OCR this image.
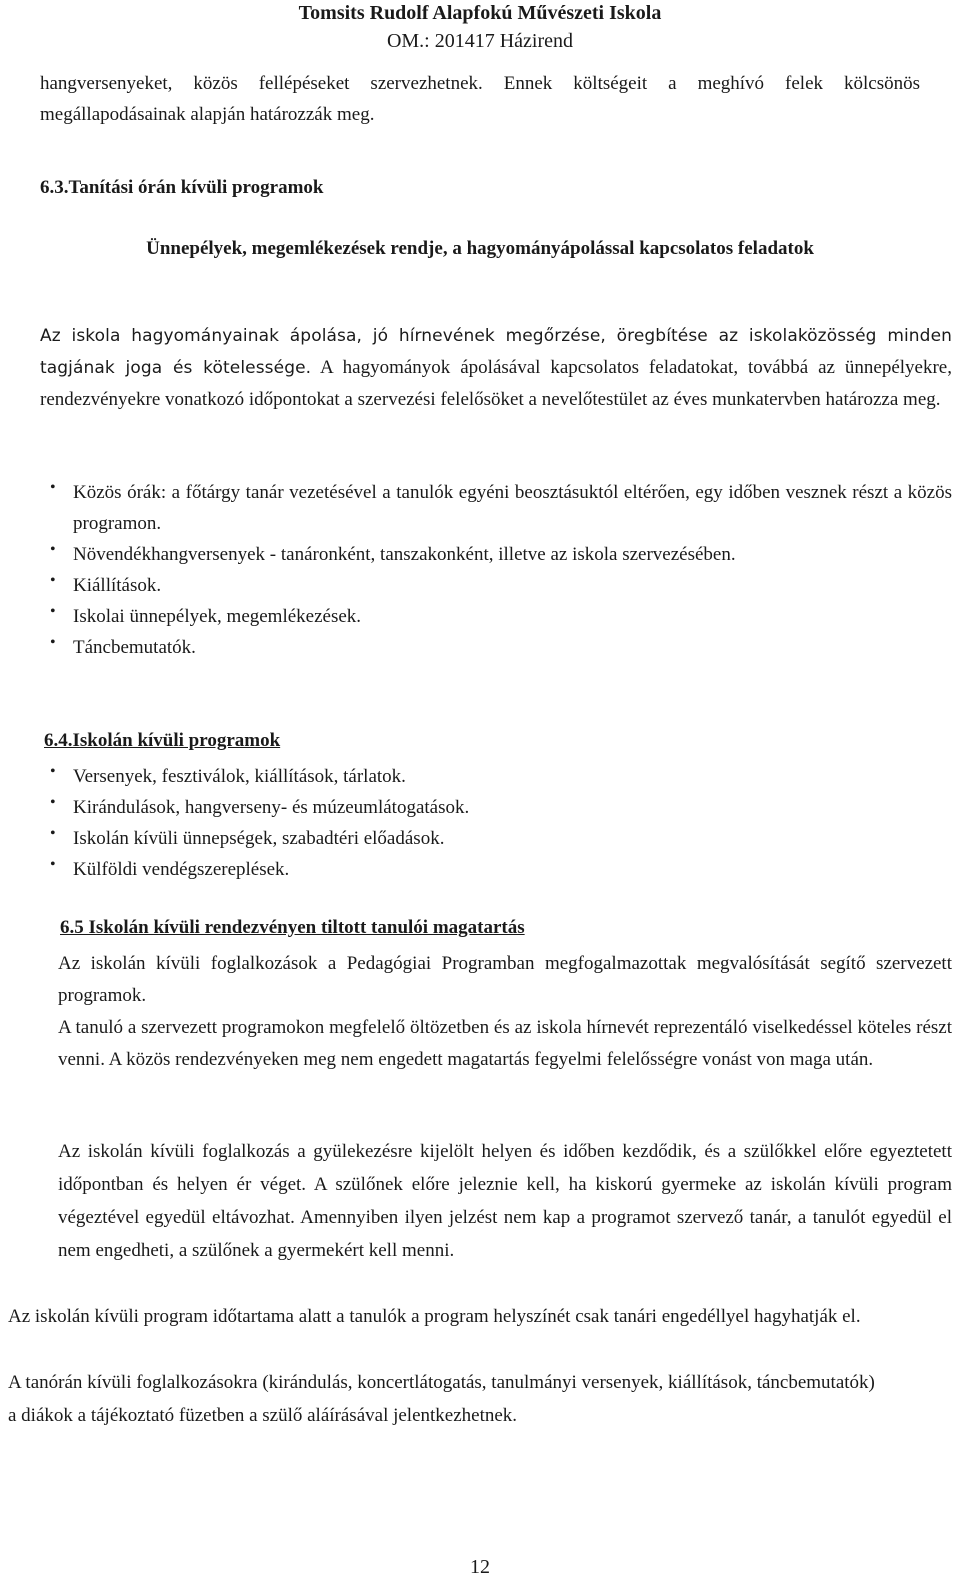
Tomsits Rudolf Alapfokú Művészeti Iskola
OM.: 201417 Házirend

hangversenyeket, közös fellépéseket szervezhetnek. Ennek költségeit a meghívó felek kölcsönös megállapodásainak alapján határozzák meg.

6.3.Tanítási órán kívüli programok
Ünnepélyek, megemlékezések rendje, a hagyományápolással kapcsolatos feladatok

Az iskola hagyományainak ápolása, jó hírnevének megőrzése, öregbítése az iskolaközösség minden tagjának joga és kötelessége. A hagyományok ápolásával kapcsolatos feladatokat, továbbá az ünnepélyekre, rendezvényekre vonatkozó időpontokat a szervezési felelősöket a nevelőtestület az éves munkatervben határozza meg.

• Közös órák: a főtárgy tanár vezetésével a tanulók egyéni beosztásuktól eltérően, egy időben vesznek részt a közös programon.
• Növendékhangversenyek - tanáronként, tanszakonként, illetve az iskola szervezésében.
• Kiállítások.
• Iskolai ünnepélyek, megemlékezések.
• Táncbemutatók.
6.4.Iskolán kívüli programok
• Versenyek, fesztiválok, kiállítások, tárlatok.
• Kirándulások, hangverseny- és múzeumlátogatások.
• Iskolán kívüli ünnepségek, szabadtéri előadások.
• Külföldi vendégszereplések.
6.5 Iskolán kívüli rendezvényen tiltott tanulói magatartás

Az iskolán kívüli foglalkozások a Pedagógiai Programban megfogalmazottak megvalósítását segítő szervezett programok.

A tanuló a szervezett programokon megfelelő öltözetben és az iskola hírnevét reprezentáló viselkedéssel köteles részt venni. A közös rendezvényeken meg nem engedett magatartás fegyelmi felelősségre vonást von maga után.

Az iskolán kívüli foglalkozás a gyülekezésre kijelölt helyen és időben kezdődik, és a szülőkkel előre egyeztetett időpontban és helyen ér véget. A szülőnek előre jeleznie kell, ha kiskorú gyermeke az iskolán kívüli program végeztével egyedül eltávozhat. Amennyiben ilyen jelzést nem kap a programot szervező tanár, a tanulót egyedül el nem engedheti, a szülőnek a gyermekért kell menni.

Az iskolán kívüli program időtartama alatt a tanulók a program helyszínét csak tanári engedéllyel hagyhatják el.

A tanórán kívüli foglalkozásokra (kirándulás, koncertlátogatás, tanulmányi versenyek, kiállítások, táncbemutatók) a diákok a tájékoztató füzetben a szülő aláírásával jelentkezhetnek.

12
